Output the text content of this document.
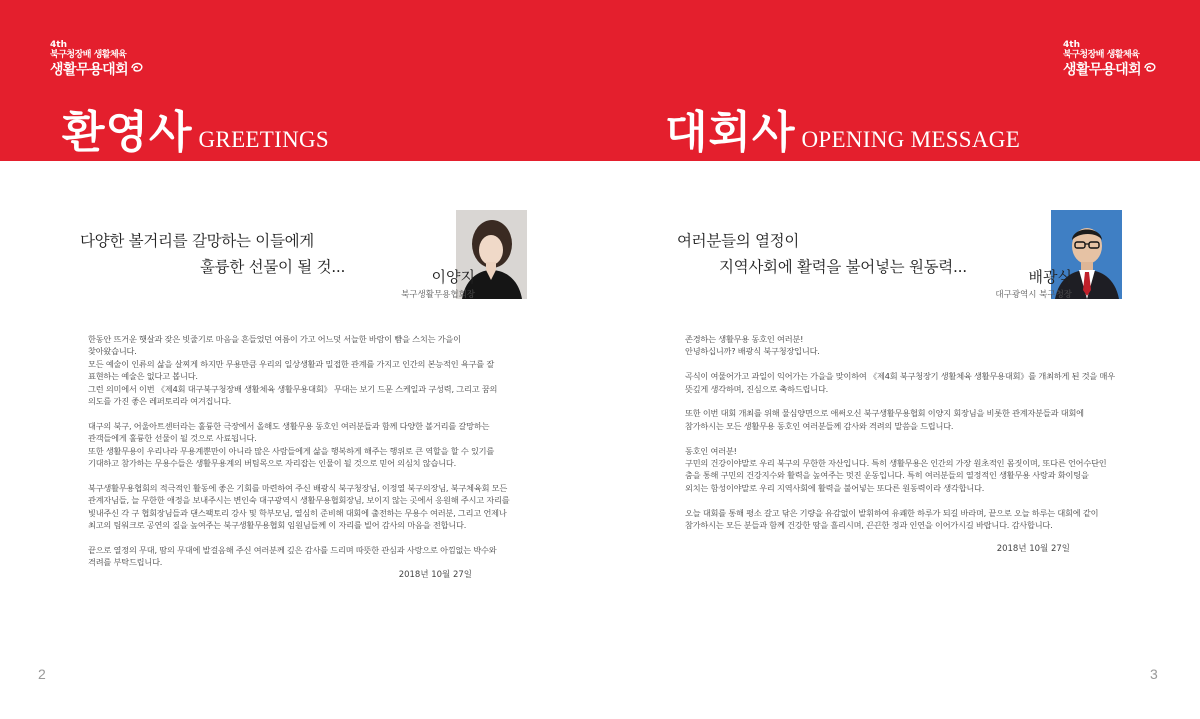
4th
북구청장배 생활체육
생활무용대회
환영사 GREETINGS
다양한 볼거리를 갈망하는 이들에게
훌륭한 선물이 될 것...
이양지
북구생활무용협회장

한동안 뜨거운 햇살과 잦은 빗줄기로 마음을 흔들었던 여름이 가고 어느덧 서늘한 바람이 뺨을 스치는 가을이
찾아왔습니다.
모든 예술이 인류의 삶을 살찌게 하지만 무용만큼 우리의 일상생활과 밀접한 관계를 가지고 인간의 본능적인 욕구를 잘
표현하는 예술은 없다고 봅니다.
그런 의미에서 이번 《제4회 대구북구청장배 생활체육 생활무용대회》 무대는 보기 드문 스케일과 구성력, 그리고 꿈의
의도를 가진 좋은 레퍼토리라 여겨집니다.

대구의 북구, 어울아트센터라는 훌륭한 극장에서 올해도 생활무용 동호인 여러분들과 함께 다양한 볼거리를 갈망하는
관객들에게 훌륭한 선물이 될 것으로 사료됩니다.
또한 생활무용이 우리나라 무용계뿐만이 아니라 많은 사람들에게 삶을 행복하게 해주는 행위로 큰 역할을 할 수 있기를
기대하고 참가하는 무용수들은 생활무용계의 버팀목으로 자리잡는 인물이 될 것으로 믿어 의심치 않습니다.

북구생활무용협회의 적극적인 활동에 좋은 기회를 마련하여 주신 배광식 북구청장님, 이정열 북구의장님, 북구체육회 모든
관계자님들, 늘 무한한 애정을 보내주시는 변인숙 대구광역시 생활무용협회장님, 보이지 않는 곳에서 응원해 주시고 자리를
빛내주신 각 구 협회장님들과 댄스팩토리 강사 및 학부모님, 열심히 준비해 대회에 출전하는 무용수 여러분, 그리고 언제나
최고의 팀워크로 공연의 질을 높여주는 북구생활무용협회 임원님들께 이 자리를 빌어 감사의 마음을 전합니다.

끝으로 열정의 무대, 땀의 무대에 발걸음해 주신 여러분께 깊은 감사를 드리며 따뜻한 관심과 사랑으로 아낌없는 박수와
격려를 부탁드립니다.

2018년 10월 27일
2
4th
북구청장배 생활체육
생활무용대회
대회사 OPENING MESSAGE
여러분들의 열정이
지역사회에 활력을 불어넣는 원동력...
배광식
대구광역시 북구청장

존경하는 생활무용 동호인 여러분!
안녕하십니까? 배광식 북구청장입니다.

곡식이 여물어가고 과일이 익어가는 가을을 맞이하여 《제4회 북구청장기 생활체육 생활무용대회》를 개최하게 된 것을 매우
뜻깊게 생각하며, 진심으로 축하드립니다.

또한 이번 대회 개최를 위해 물심양면으로 애써오신 북구생활무용협회 이양지 회장님을 비롯한 관계자분들과 대회에
참가하시는 모든 생활무용 동호인 여러분들께 감사와 격려의 말씀을 드립니다.

동호인 여러분!
구민의 건강이야말로 우리 북구의 무한한 자산입니다. 특히 생활무용은 인간의 가장 원초적인 몸짓이며, 또다른 언어수단인
춤을 통해 구민의 건강지수와 활력을 높여주는 멋진 운동입니다. 특히 여러분들의 열정적인 생활무용 사랑과 화이팅을
외치는 함성이야말로 우리 지역사회에 활력을 불어넣는 또다른 원동력이라 생각합니다.

오늘 대회를 통해 평소 갈고 닦은 기량을 유감없이 발휘하여 유쾌한 하루가 되길 바라며, 끝으로 오늘 하루는 대회에 같이
참가하시는 모든 분들과 함께 건강한 땀을 흘리시며, 끈끈한 정과 인연을 이어가시길 바랍니다. 감사합니다.

2018년 10월 27일
3
